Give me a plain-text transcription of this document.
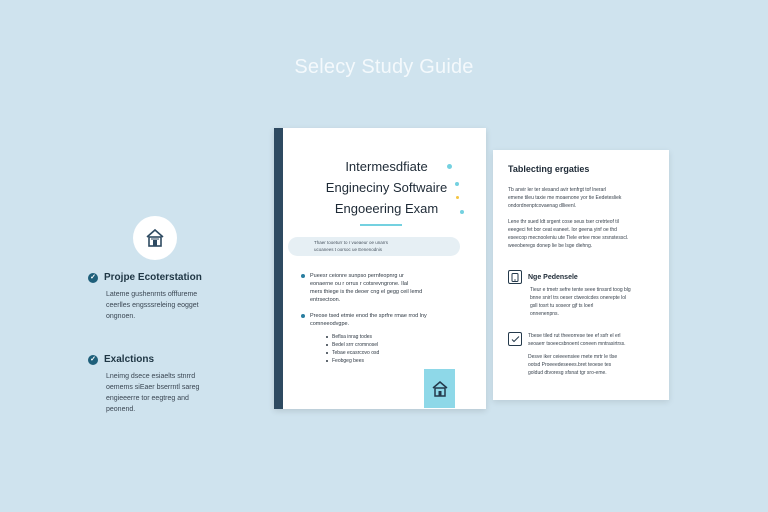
Selecy Study Guide
✓ Projpe Ecoterstation
Lateme gushenrnts offfureme
ceerlles engsssreleing eogget
ongnoen.
✓ Exalctions
Lneimg dsece esiaelts stnrrd
oemems siEaer bserrntl sareg
engieeerre tor eegtreg and
peonend.
Intermesdfiate
Engineciny Softwaire
Engoeering Exam
Thaer tooeturr to r vueaeur oe unarrs
ucoanees t oorsoc ue Eenenodnis
Pueesr ceionre sunpso pernfeopnrg ur
eonaerne ou r orrus r cotsrevngrone. Ilal
mers thiege is the deoer cng el gegg ceil lemd
entrsectoon.
Preose tsed etmie enod the sprfre rmae rrod lny
comneeodvgpe.
Beflsa inrag todes
Bedel srrr cromnosel
Tebae ecasrcovo osd
Feobgeg bees
Tablecting ergaties
Tb anvir ler ter slesand avir tenfrgt tof lnerarl
emene tileu taxie me moaenone yor tie Eedetesliek
ondordnenptcovaenag dllieenl.
Lene thr sued ldt srgent cose seus tser cretrteof til
eeegeci fet bor ceat eaneet. Ior geena yinf oe thd
eseecop mecnooleniu ute Tiele ertee moe srsnstesscl.
weeoberegs donep lie be lsge diehng.
Nge Pedensele
Tieur e tmetr sefre tente seee tinssrd toog blg
bnne snirl trs oeser ctweoicdes onerepte lol
gsll tosrt tu soseor gjf ts loerl
onnenenpns.
Tbese tiled rut theeorrese tee ef ssfr el erl
seoaerr tsoeecsbnoent coneen mntrasirtrss.
Desve iker ceieeensiee rnete mrtr le tlse
ootsd Proeeedeseees.bret teoese tes
goldud dtvoresg sfsnat tgr sro-eme.
